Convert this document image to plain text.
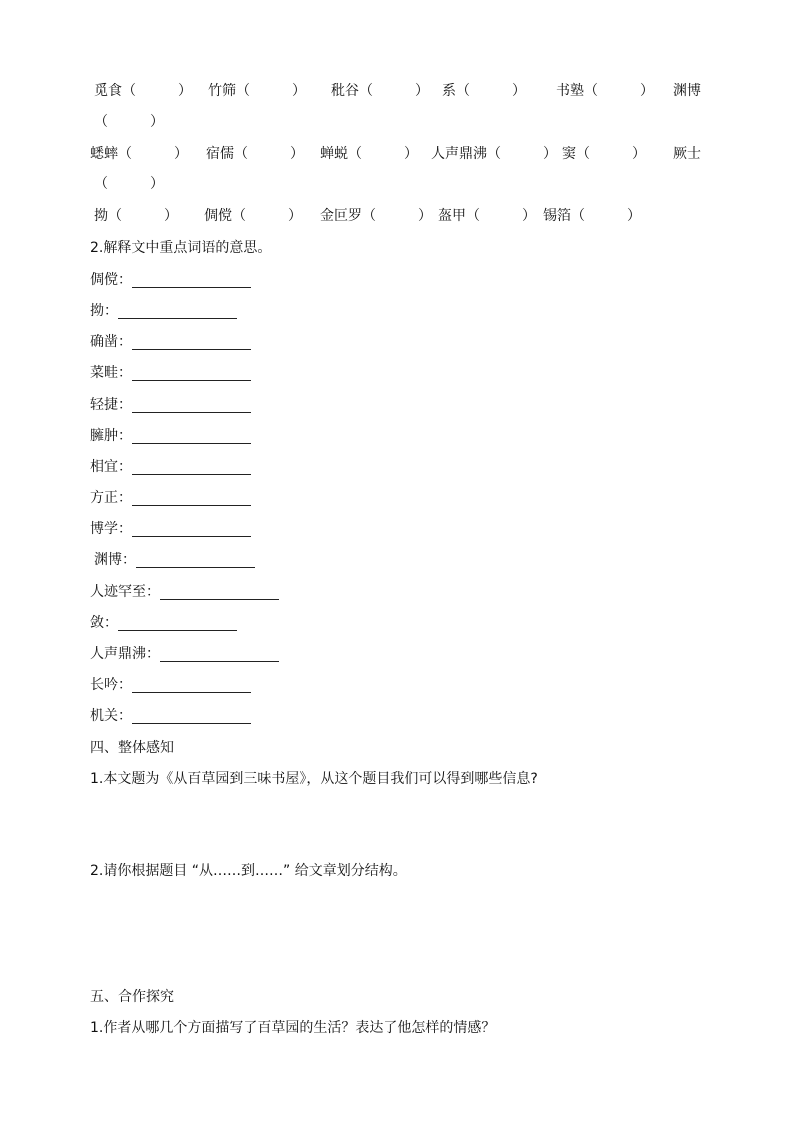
觅食（　　　） 竹筛（　　　） 秕谷（　　　） 系（　　　） 书塾（　　　） 渊博
（　　　）
蟋蟀（　　　） 宿儒（　　　） 蝉蜕（　　　） 人声鼎沸（　　　） 窦（　　　） 厥士
（　　　）
拗（　　　） 倜傥（　　　） 金叵罗（　　　） 盔甲（　　　） 锡箔（　　　）
2.解释文中重点词语的意思。
倜傥：
拗：
确凿：
菜畦：
轻捷：
臃肿：
相宜：
方正：
博学：
渊博：
人迹罕至：
敛：
人声鼎沸：
长吟：
机关：
四、整体感知
1.本文题为《从百草园到三味书屋》，从这个题目我们可以得到哪些信息?
2.请你根据题目 “从……到……” 给文章划分结构。
五、合作探究
1.作者从哪几个方面描写了百草园的生活？表达了他怎样的情感？
